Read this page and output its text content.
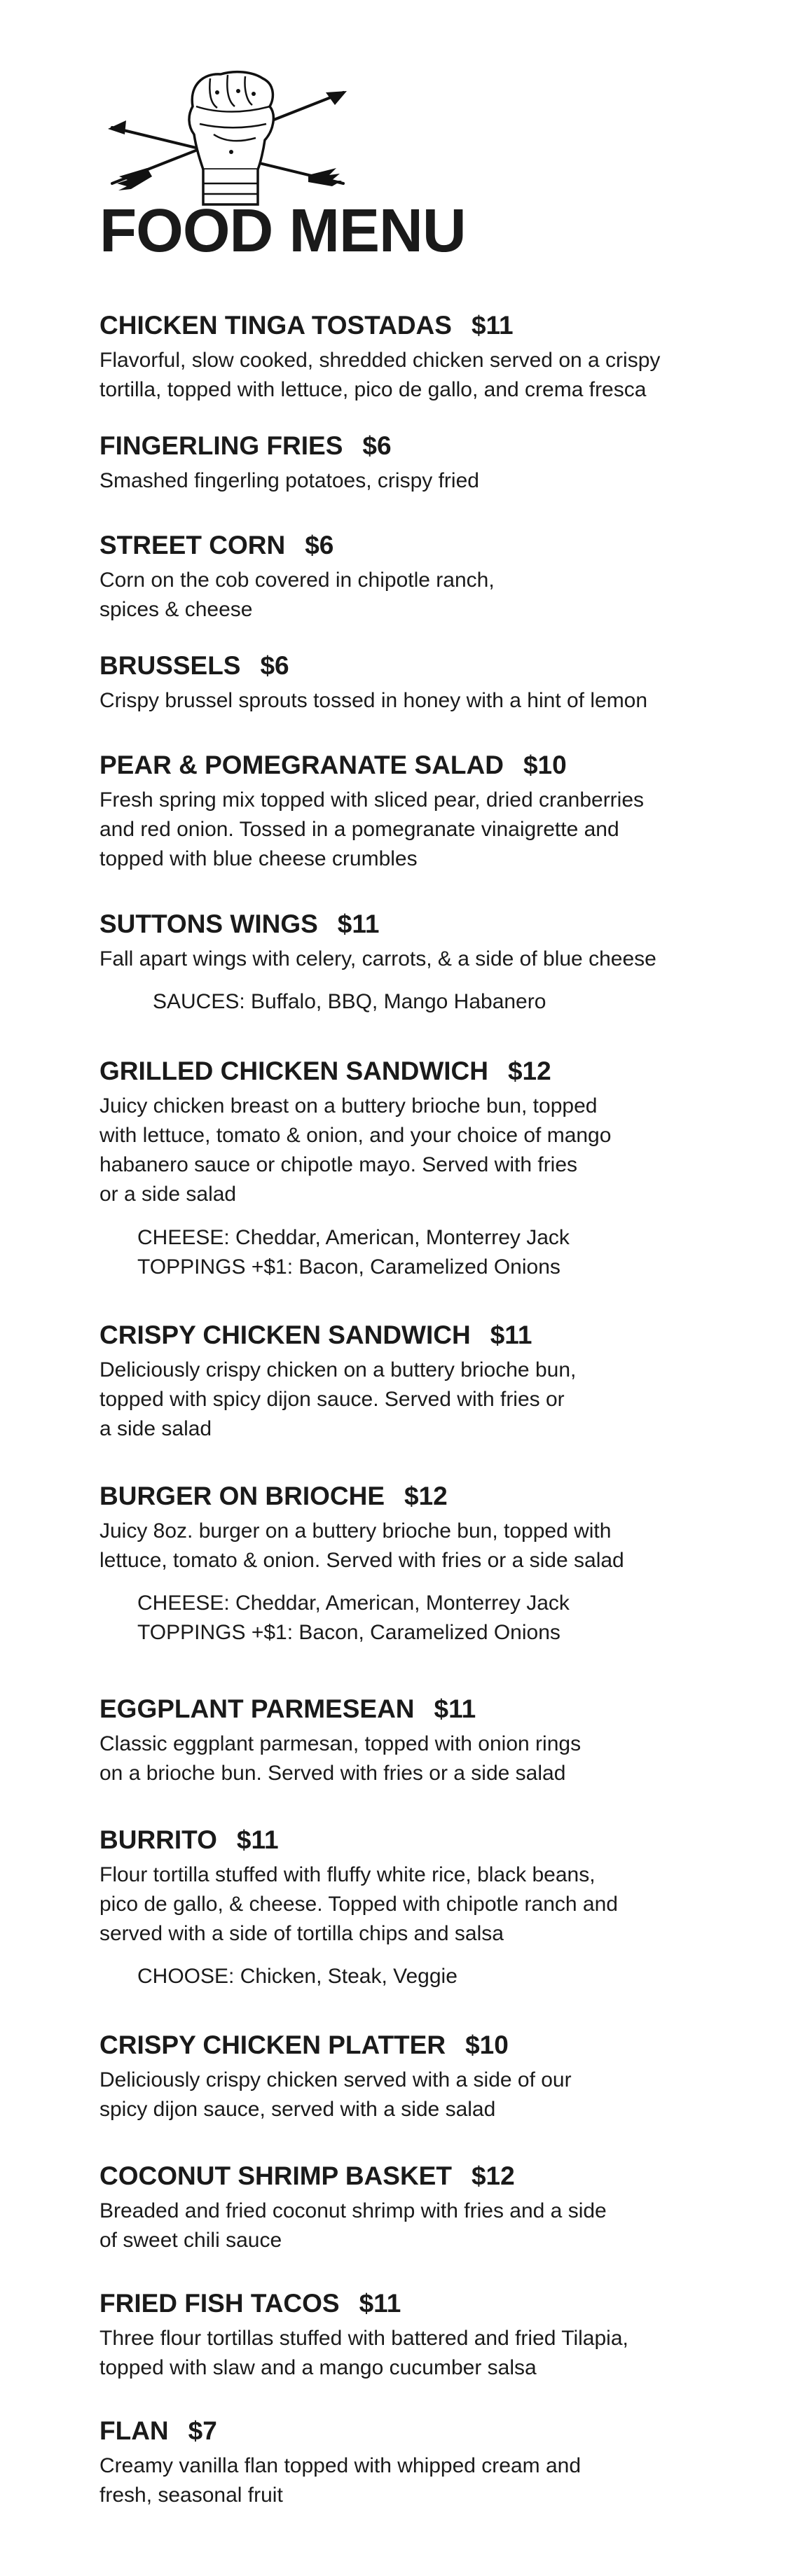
FOOD MENU
CHICKEN TINGA TOSTADAS $11
Flavorful, slow cooked, shredded chicken served on a crispy
tortilla, topped with lettuce, pico de gallo, and crema fresca
FINGERLING FRIES $6
Smashed fingerling potatoes, crispy fried
STREET CORN $6
Corn on the cob covered in chipotle ranch,
spices & cheese
BRUSSELS $6
Crispy brussel sprouts tossed in honey with a hint of lemon
PEAR & POMEGRANATE SALAD $10
Fresh spring mix topped with sliced pear, dried cranberries
and red onion. Tossed in a pomegranate vinaigrette and
topped with blue cheese crumbles
SUTTONS WINGS $11
Fall apart wings with celery, carrots, & a side of blue cheese
SAUCES: Buffalo, BBQ, Mango Habanero
GRILLED CHICKEN SANDWICH $12
Juicy chicken breast on a buttery brioche bun, topped
with lettuce, tomato & onion, and your choice of mango
habanero sauce or chipotle mayo. Served with fries
or a side salad
CHEESE: Cheddar, American, Monterrey Jack
TOPPINGS +$1: Bacon, Caramelized Onions
CRISPY CHICKEN SANDWICH $11
Deliciously crispy chicken on a buttery brioche bun,
topped with spicy dijon sauce. Served with fries or
a side salad
BURGER ON BRIOCHE $12
Juicy 8oz. burger on a buttery brioche bun, topped with
lettuce, tomato & onion. Served with fries or a side salad
CHEESE: Cheddar, American, Monterrey Jack
TOPPINGS +$1: Bacon, Caramelized Onions
EGGPLANT PARMESEAN $11
Classic eggplant parmesan, topped with onion rings
on a brioche bun. Served with fries or a side salad
BURRITO $11
Flour tortilla stuffed with fluffy white rice, black beans,
pico de gallo, & cheese. Topped with chipotle ranch and
served with a side of tortilla chips and salsa
CHOOSE: Chicken, Steak, Veggie
CRISPY CHICKEN PLATTER $10
Deliciously crispy chicken served with a side of our
spicy dijon sauce, served with a side salad
COCONUT SHRIMP BASKET $12
Breaded and fried coconut shrimp with fries and a side
of sweet chili sauce
FRIED FISH TACOS $11
Three flour tortillas stuffed with battered and fried Tilapia,
topped with slaw and a mango cucumber salsa
FLAN $7
Creamy vanilla flan topped with whipped cream and
fresh, seasonal fruit
